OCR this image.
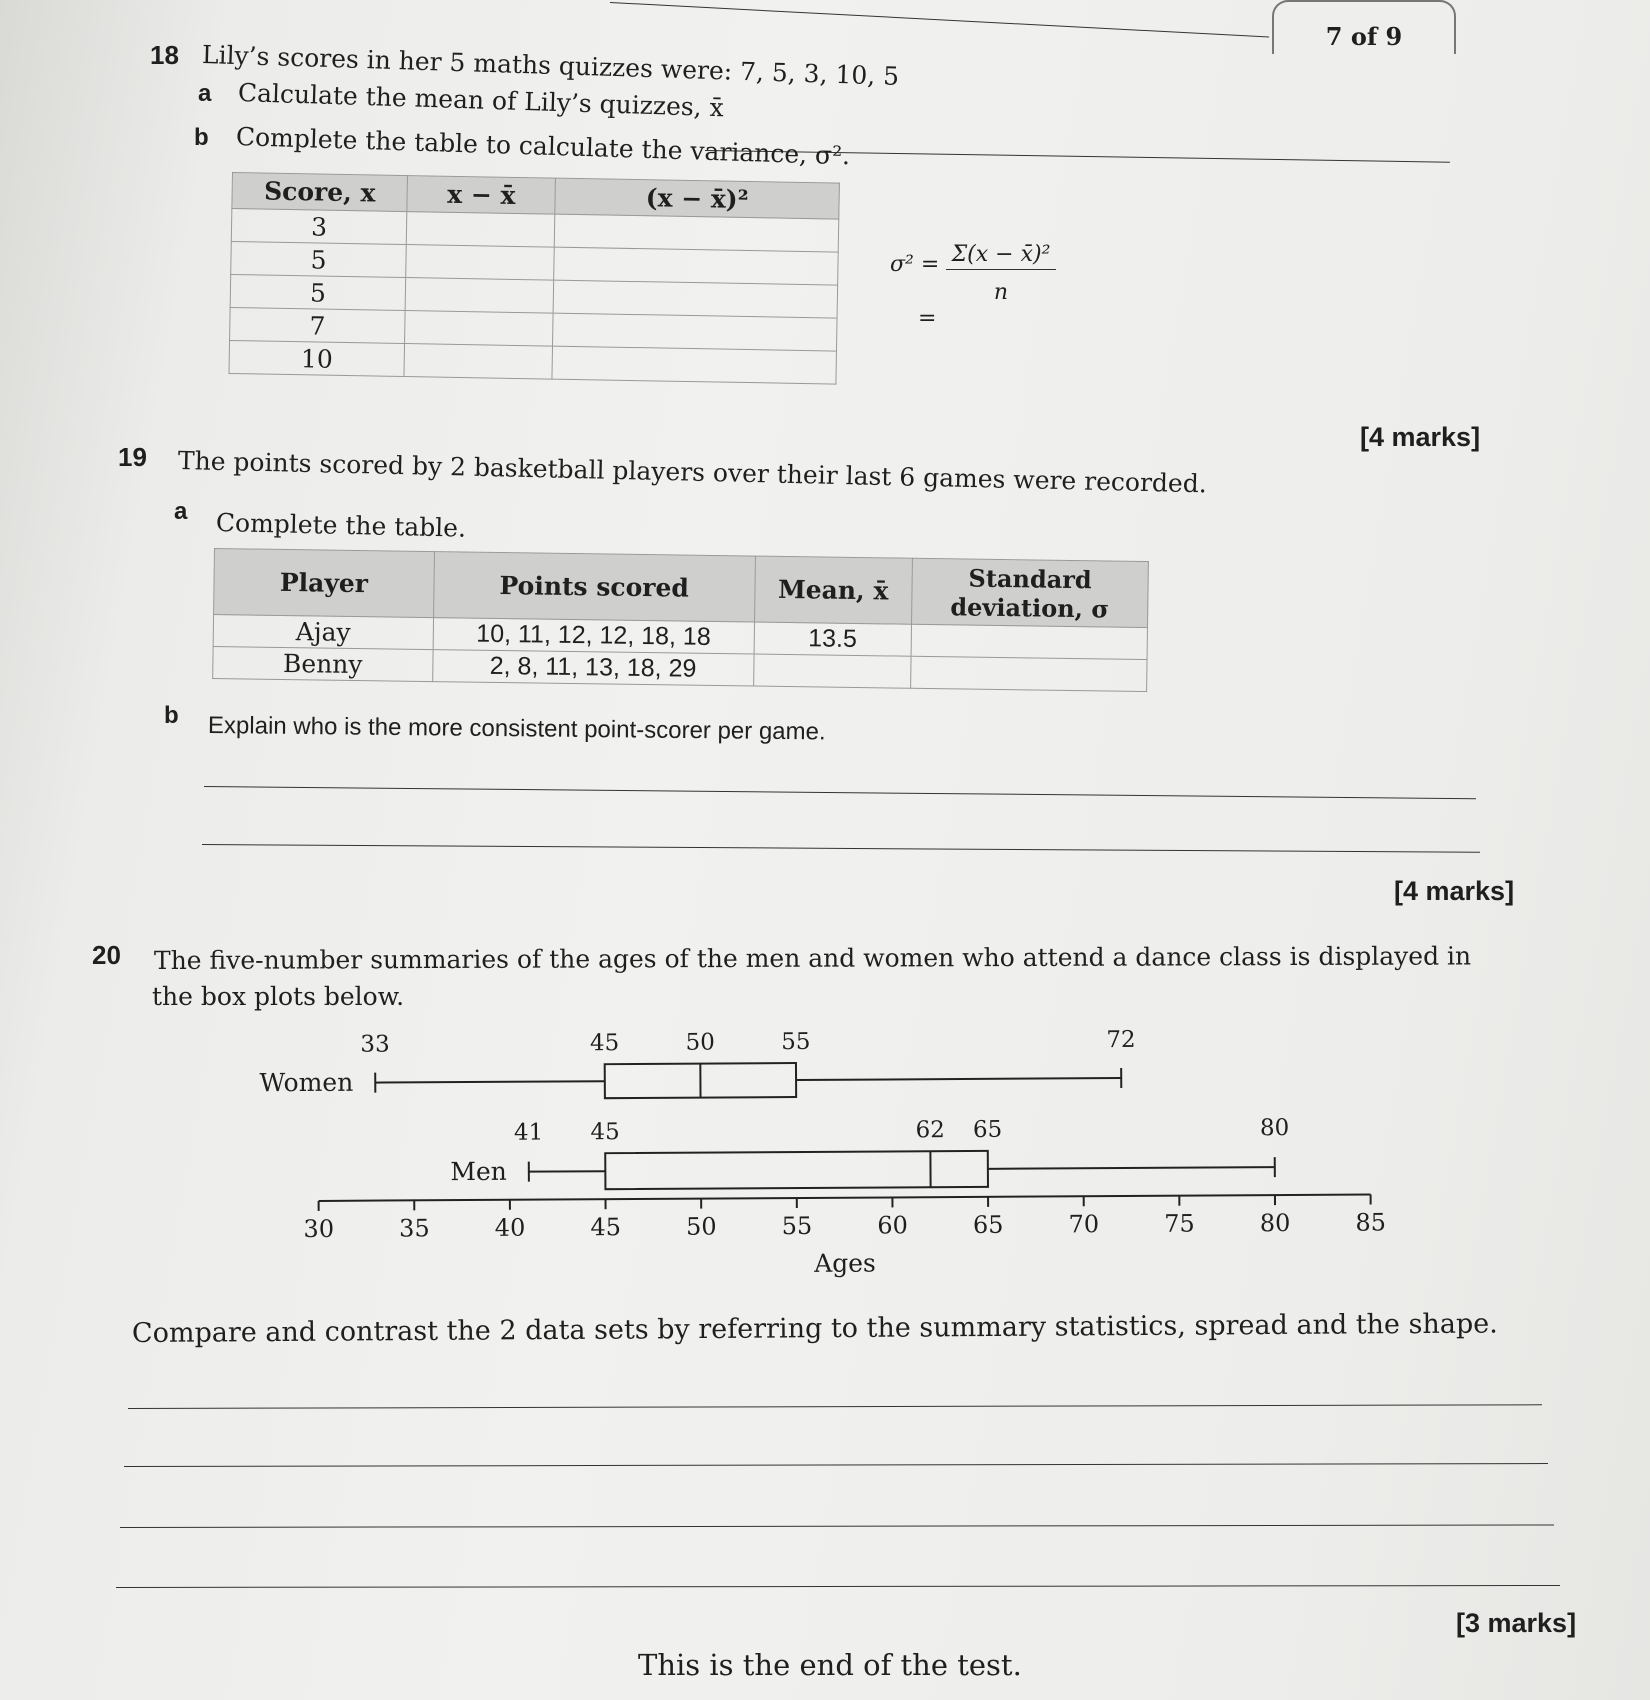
7 of 9
18 Lily’s scores in her 5 maths quizzes were: 7, 5, 3, 10, 5
a Calculate the mean of Lily’s quizzes, x̄
b Complete the table to calculate the variance, σ².
Score, x	x − x̄	(x − x̄)²
3		
5		
5		
7		
10		
σ² = Σ(x − x̄)²
n
=
[4 marks]
19 The points scored by 2 basketball players over their last 6 games were recorded.
a Complete the table.
Player	Points scored	Mean, x̄	Standard deviation, σ
Ajay	10, 11, 12, 12, 18, 18	13.5	
Benny	2, 8, 11, 13, 18, 29		
b Explain who is the more consistent point-scorer per game.
[4 marks]
20 The five-number summaries of the ages of the men and women who attend a dance class is displayed in
the box plots below.
30	35	40	45	50	55	60	65	70	75	80	85
Ages
Women
33	45	50	55	72
Men
41 45	62 65	80
Compare and contrast the 2 data sets by referring to the summary statistics, spread and the shape.
[3 marks]
This is the end of the test.
